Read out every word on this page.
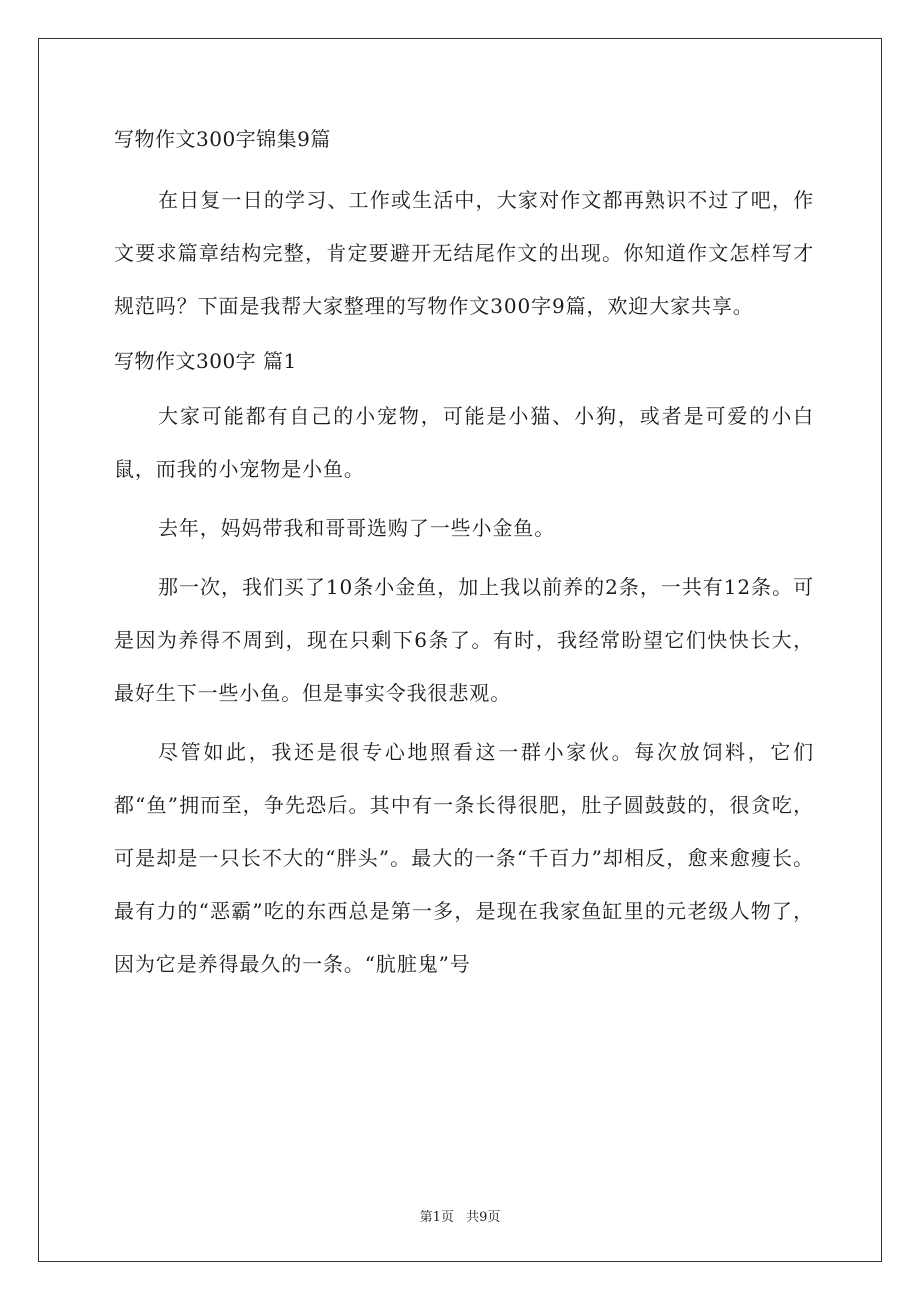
写物作文300字锦集9篇

在日复一日的学习、工作或生活中，大家对作文都再熟识不过了吧，作文要求篇章结构完整，肯定要避开无结尾作文的出现。你知道作文怎样写才规范吗？下面是我帮大家整理的写物作文300字9篇，欢迎大家共享。

写物作文300字 篇1

大家可能都有自己的小宠物，可能是小猫、小狗，或者是可爱的小白鼠，而我的小宠物是小鱼。

去年，妈妈带我和哥哥选购了一些小金鱼。

那一次，我们买了10条小金鱼，加上我以前养的2条，一共有12条。可是因为养得不周到，现在只剩下6条了。有时，我经常盼望它们快快长大，最好生下一些小鱼。但是事实令我很悲观。

尽管如此，我还是很专心地照看这一群小家伙。每次放饲料，它们都“鱼”拥而至，争先恐后。其中有一条长得很肥，肚子圆鼓鼓的，很贪吃，可是却是一只长不大的“胖头”。最大的一条“千百力”却相反，愈来愈瘦长。最有力的“恶霸”吃的东西总是第一多，是现在我家鱼缸里的元老级人物了，因为它是养得最久的一条。“肮脏鬼”号

第1页 共9页
